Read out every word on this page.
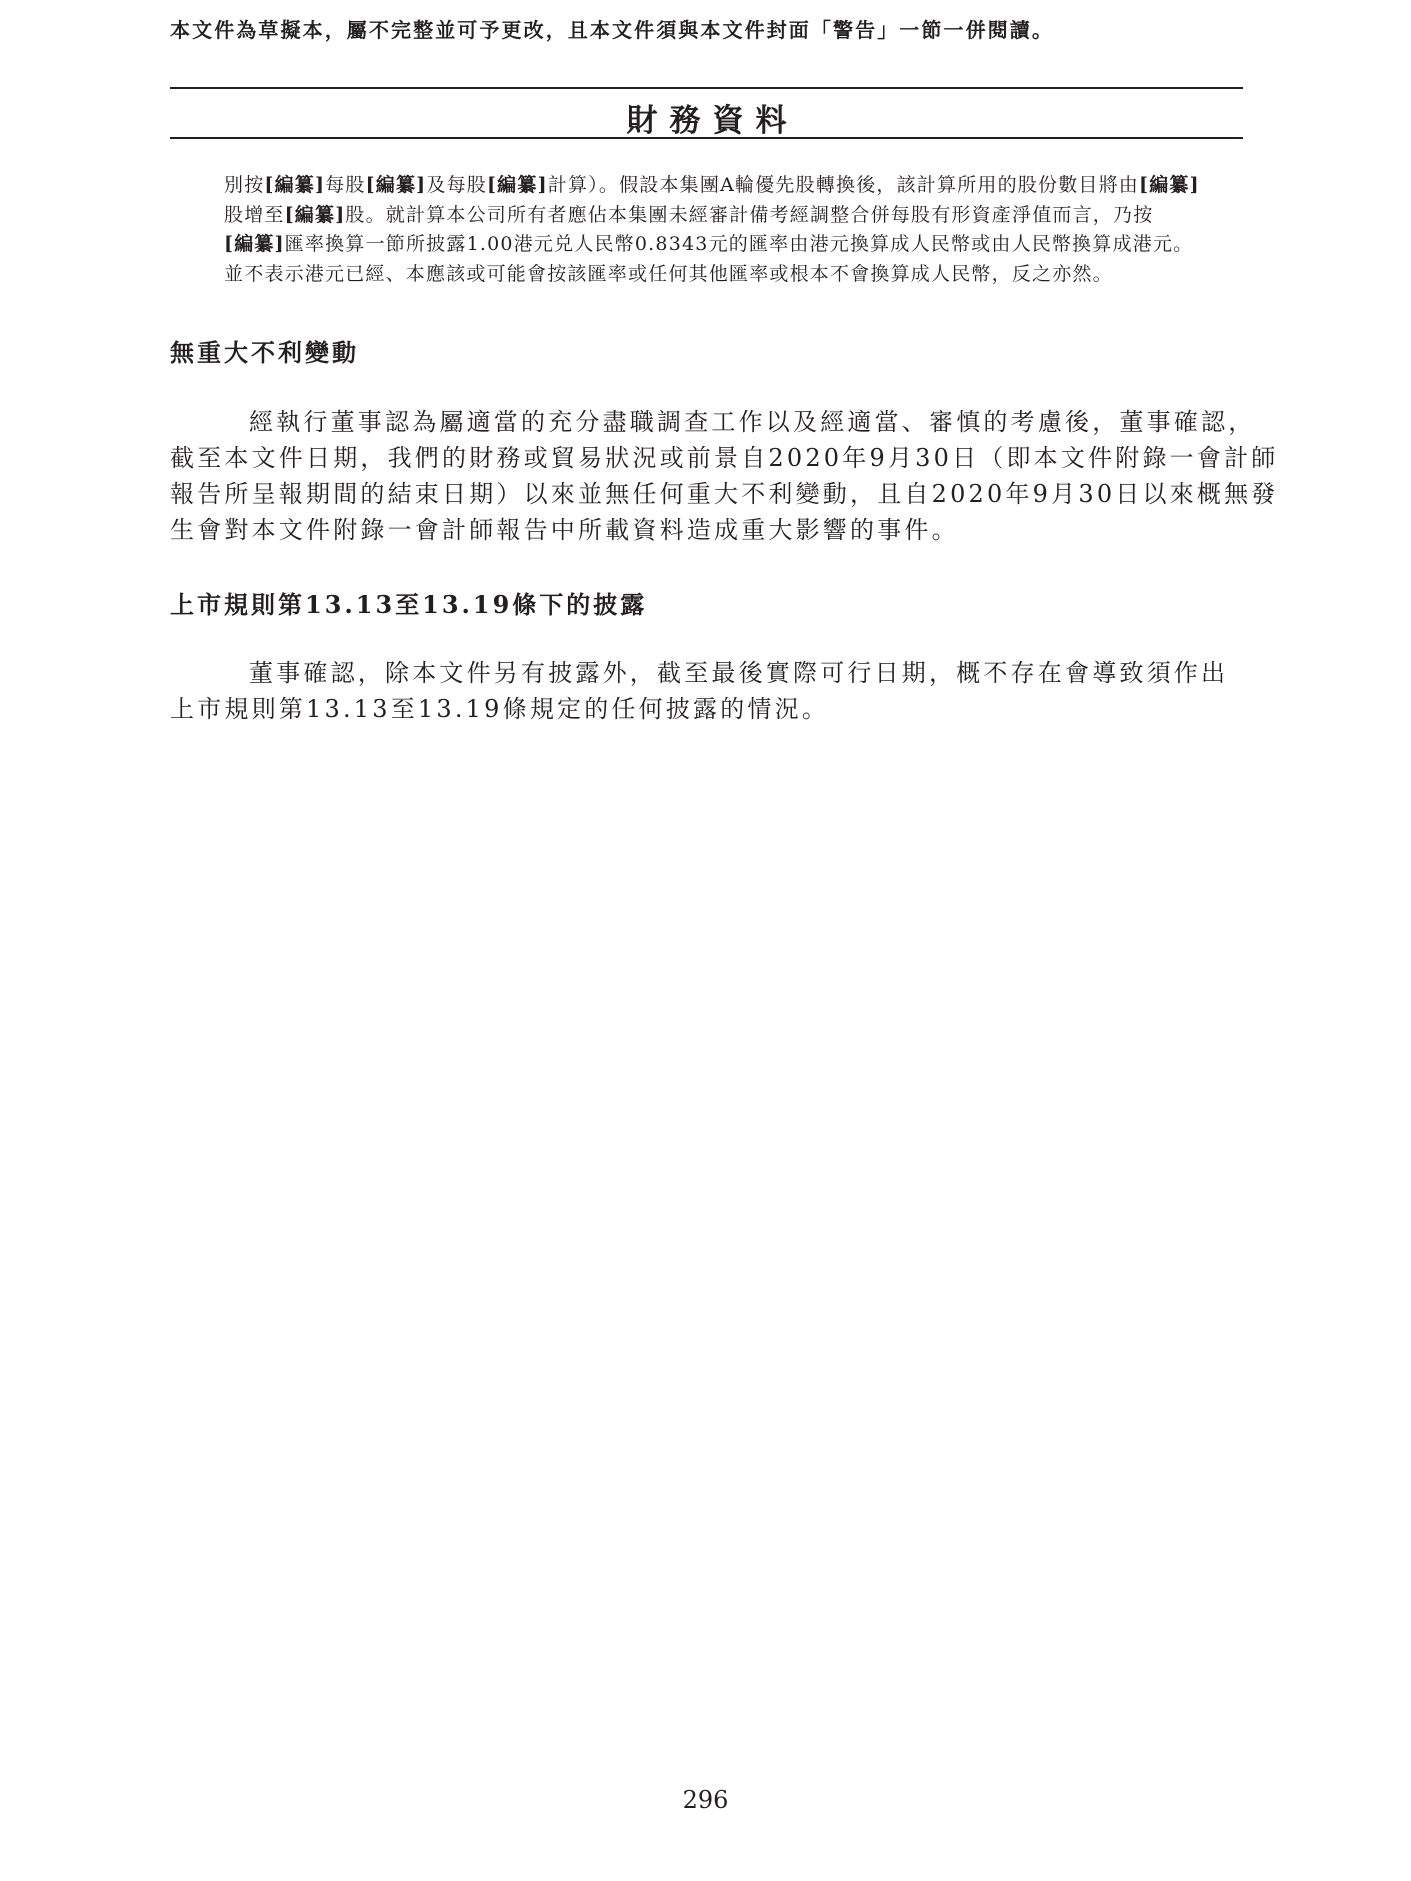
本文件為草擬本，屬不完整並可予更改，且本文件須與本文件封面「警告」一節一併閱讀。
財務資料
別按[編纂]每股[編纂]及每股[編纂]計算）。假設本集團A輪優先股轉換後，該計算所用的股份數目將由[編纂]
股增至[編纂]股。就計算本公司所有者應佔本集團未經審計備考經調整合併每股有形資產淨值而言，乃按
[編纂]匯率換算一節所披露1.00港元兑人民幣0.8343元的匯率由港元換算成人民幣或由人民幣換算成港元。
並不表示港元已經、本應該或可能會按該匯率或任何其他匯率或根本不會換算成人民幣，反之亦然。
無重大不利變動
經執行董事認為屬適當的充分盡職調查工作以及經適當、審慎的考慮後，董事確認，
截至本文件日期，我們的財務或貿易狀況或前景自2020年9月30日（即本文件附錄一會計師
報告所呈報期間的結束日期）以來並無任何重大不利變動，且自2020年9月30日以來概無發
生會對本文件附錄一會計師報告中所載資料造成重大影響的事件。
上市規則第13.13至13.19條下的披露
董事確認，除本文件另有披露外，截至最後實際可行日期，概不存在會導致須作出
上市規則第13.13至13.19條規定的任何披露的情況。
296
